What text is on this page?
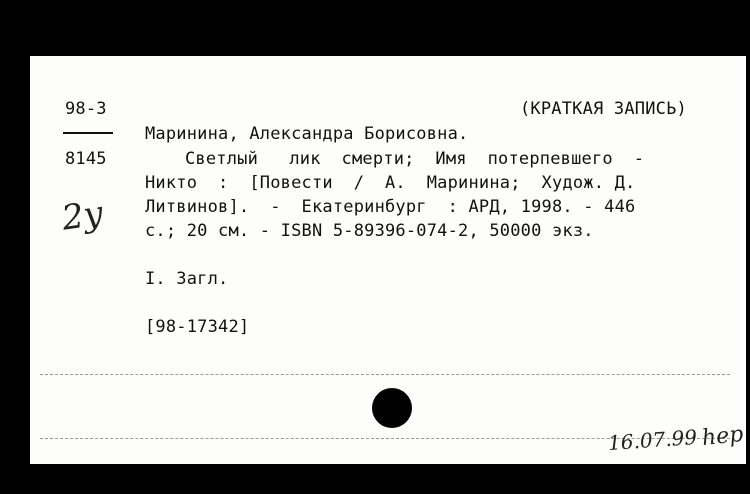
98-3
8145
(КРАТКАЯ ЗАПИСЬ)
Маринина, Александра Борисовна.
Светлый   лик  смерти;  Имя  потерпевшего  -
Никто  :  [Повести  /  А.  Маринина;  Худож. Д.
Литвинов].  -  Екатеринбург  : АРД, 1998. - 446
с.; 20 см. - ISBN 5-89396-074-2, 50000 экз.
I. Загл.
[98-17342]
2у
16.07.99 hep
